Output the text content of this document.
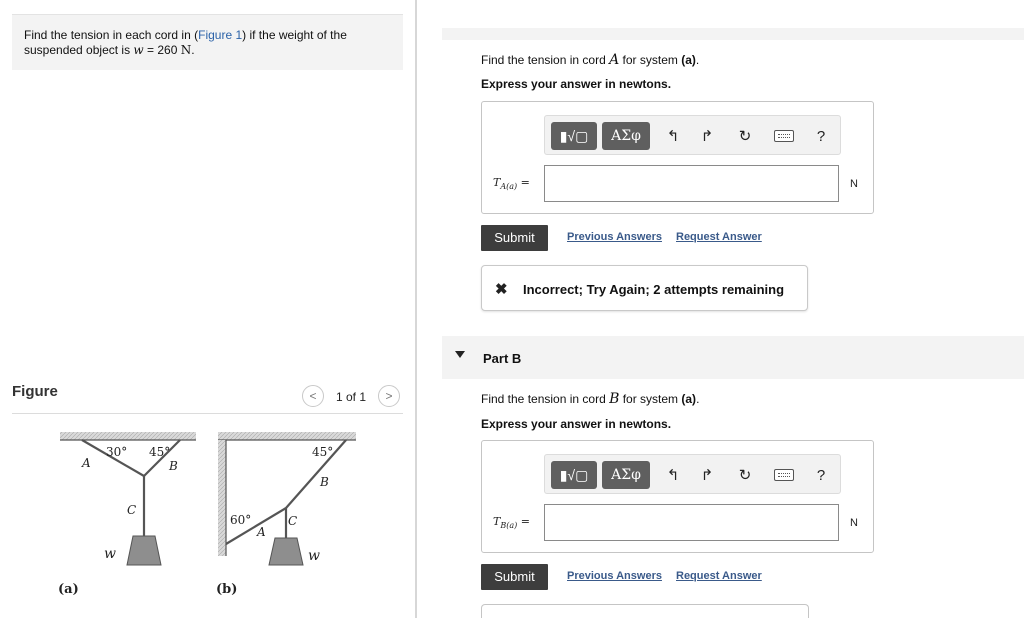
Find the tension in each cord in (Figure 1) if the weight of the suspended object is w = 260 N.
Figure	<	1 of 1	>
30° 45°
A	B
C
w
(a)
45°
60°
A
B
C
w
(b)
Find the tension in cord A for system (a).
Express your answer in newtons.
▮√▢	ΑΣφ	↰ ↱ ↻	?
$T_{A(a)}$ =	N
Submit	Previous Answers Request Answer
✖ Incorrect; Try Again; 2 attempts remaining
Part B
Find the tension in cord B for system (a).
Express your answer in newtons.
▮√▢	ΑΣφ	↰ ↱ ↻	?
$T_{B(a)}$ =	N
Submit	Previous Answers Request Answer
